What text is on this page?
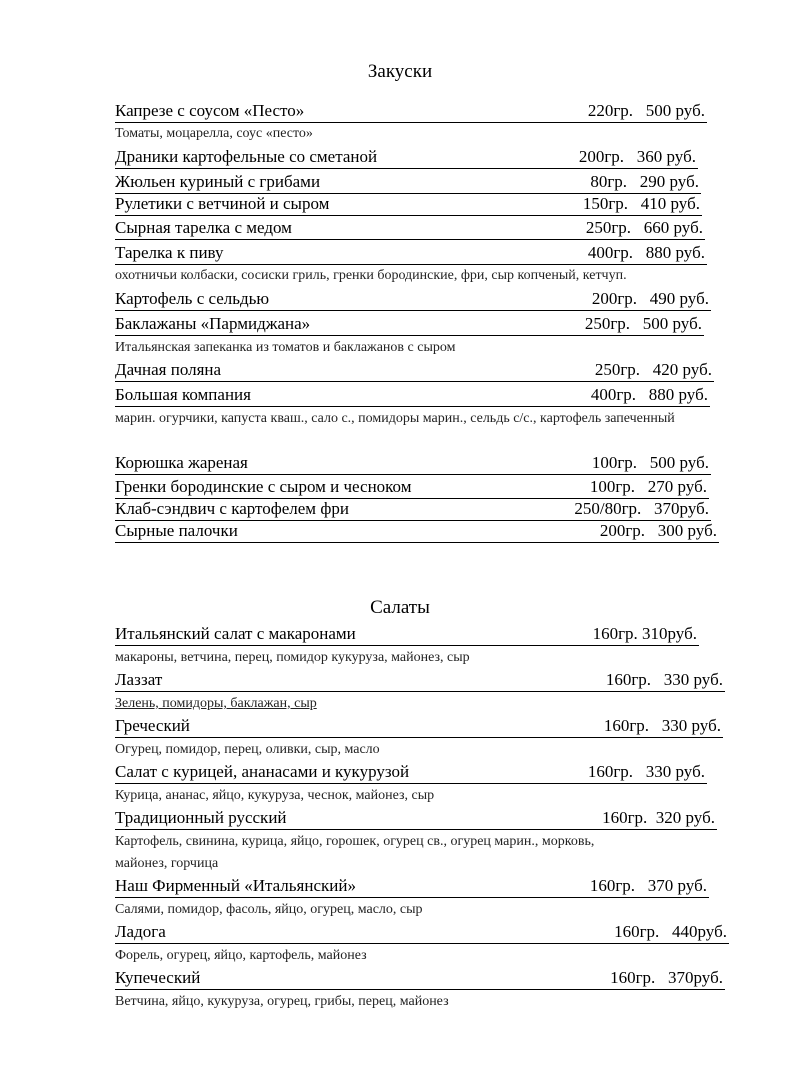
Закуски
Капрезе с соусом «Песто»	220гр.   500 руб.
Томаты, моцарелла, соус «песто»
Драники картофельные со сметаной	200гр.   360 руб.
Жюльен куриный с грибами	80гр.   290 руб.
Рулетики с ветчиной и сыром	150гр.   410 руб.
Сырная тарелка с медом	250гр.   660 руб.
Тарелка к пиву	400гр.   880 руб.
охотничьи колбаски, сосиски гриль, гренки бородинские, фри, сыр копченый, кетчуп.
Картофель с сельдью	200гр.   490 руб.
Баклажаны «Пармиджана»	250гр.   500 руб.
Итальянская запеканка из томатов и баклажанов с сыром
Дачная поляна	250гр.   420 руб.
Большая компания	400гр.   880 руб.
марин. огурчики, капуста кваш., сало с., помидоры марин., сельдь с/с., картофель запеченный
Корюшка жареная	100гр.   500 руб.
Гренки бородинские с сыром и чесноком	100гр.   270 руб.
Клаб-сэндвич с картофелем фри	250/80гр.   370руб.
Сырные палочки	200гр.   300 руб.
Салаты
Итальянский салат с макаронами	160гр. 310руб.
макароны, ветчина, перец, помидор кукуруза, майонез, сыр
Лаззат	160гр.   330 руб.
Зелень, помидоры, баклажан, сыр
Греческий	160гр.   330 руб.
Огурец, помидор, перец, оливки, сыр, масло
Салат с курицей, ананасами и кукурузой	160гр.   330 руб.
Курица, ананас, яйцо, кукуруза, чеснок, майонез, сыр
Традиционный русский	160гр.  320 руб.
Картофель, свинина, курица, яйцо, горошек, огурец св., огурец марин., морковь, майонез, горчица
Наш Фирменный «Итальянский»	160гр.   370 руб.
Салями, помидор, фасоль, яйцо, огурец, масло, сыр
Ладога	160гр.   440руб.
Форель, огурец, яйцо, картофель, майонез
Купеческий	160гр.   370руб.
Ветчина, яйцо, кукуруза, огурец, грибы, перец, майонез
